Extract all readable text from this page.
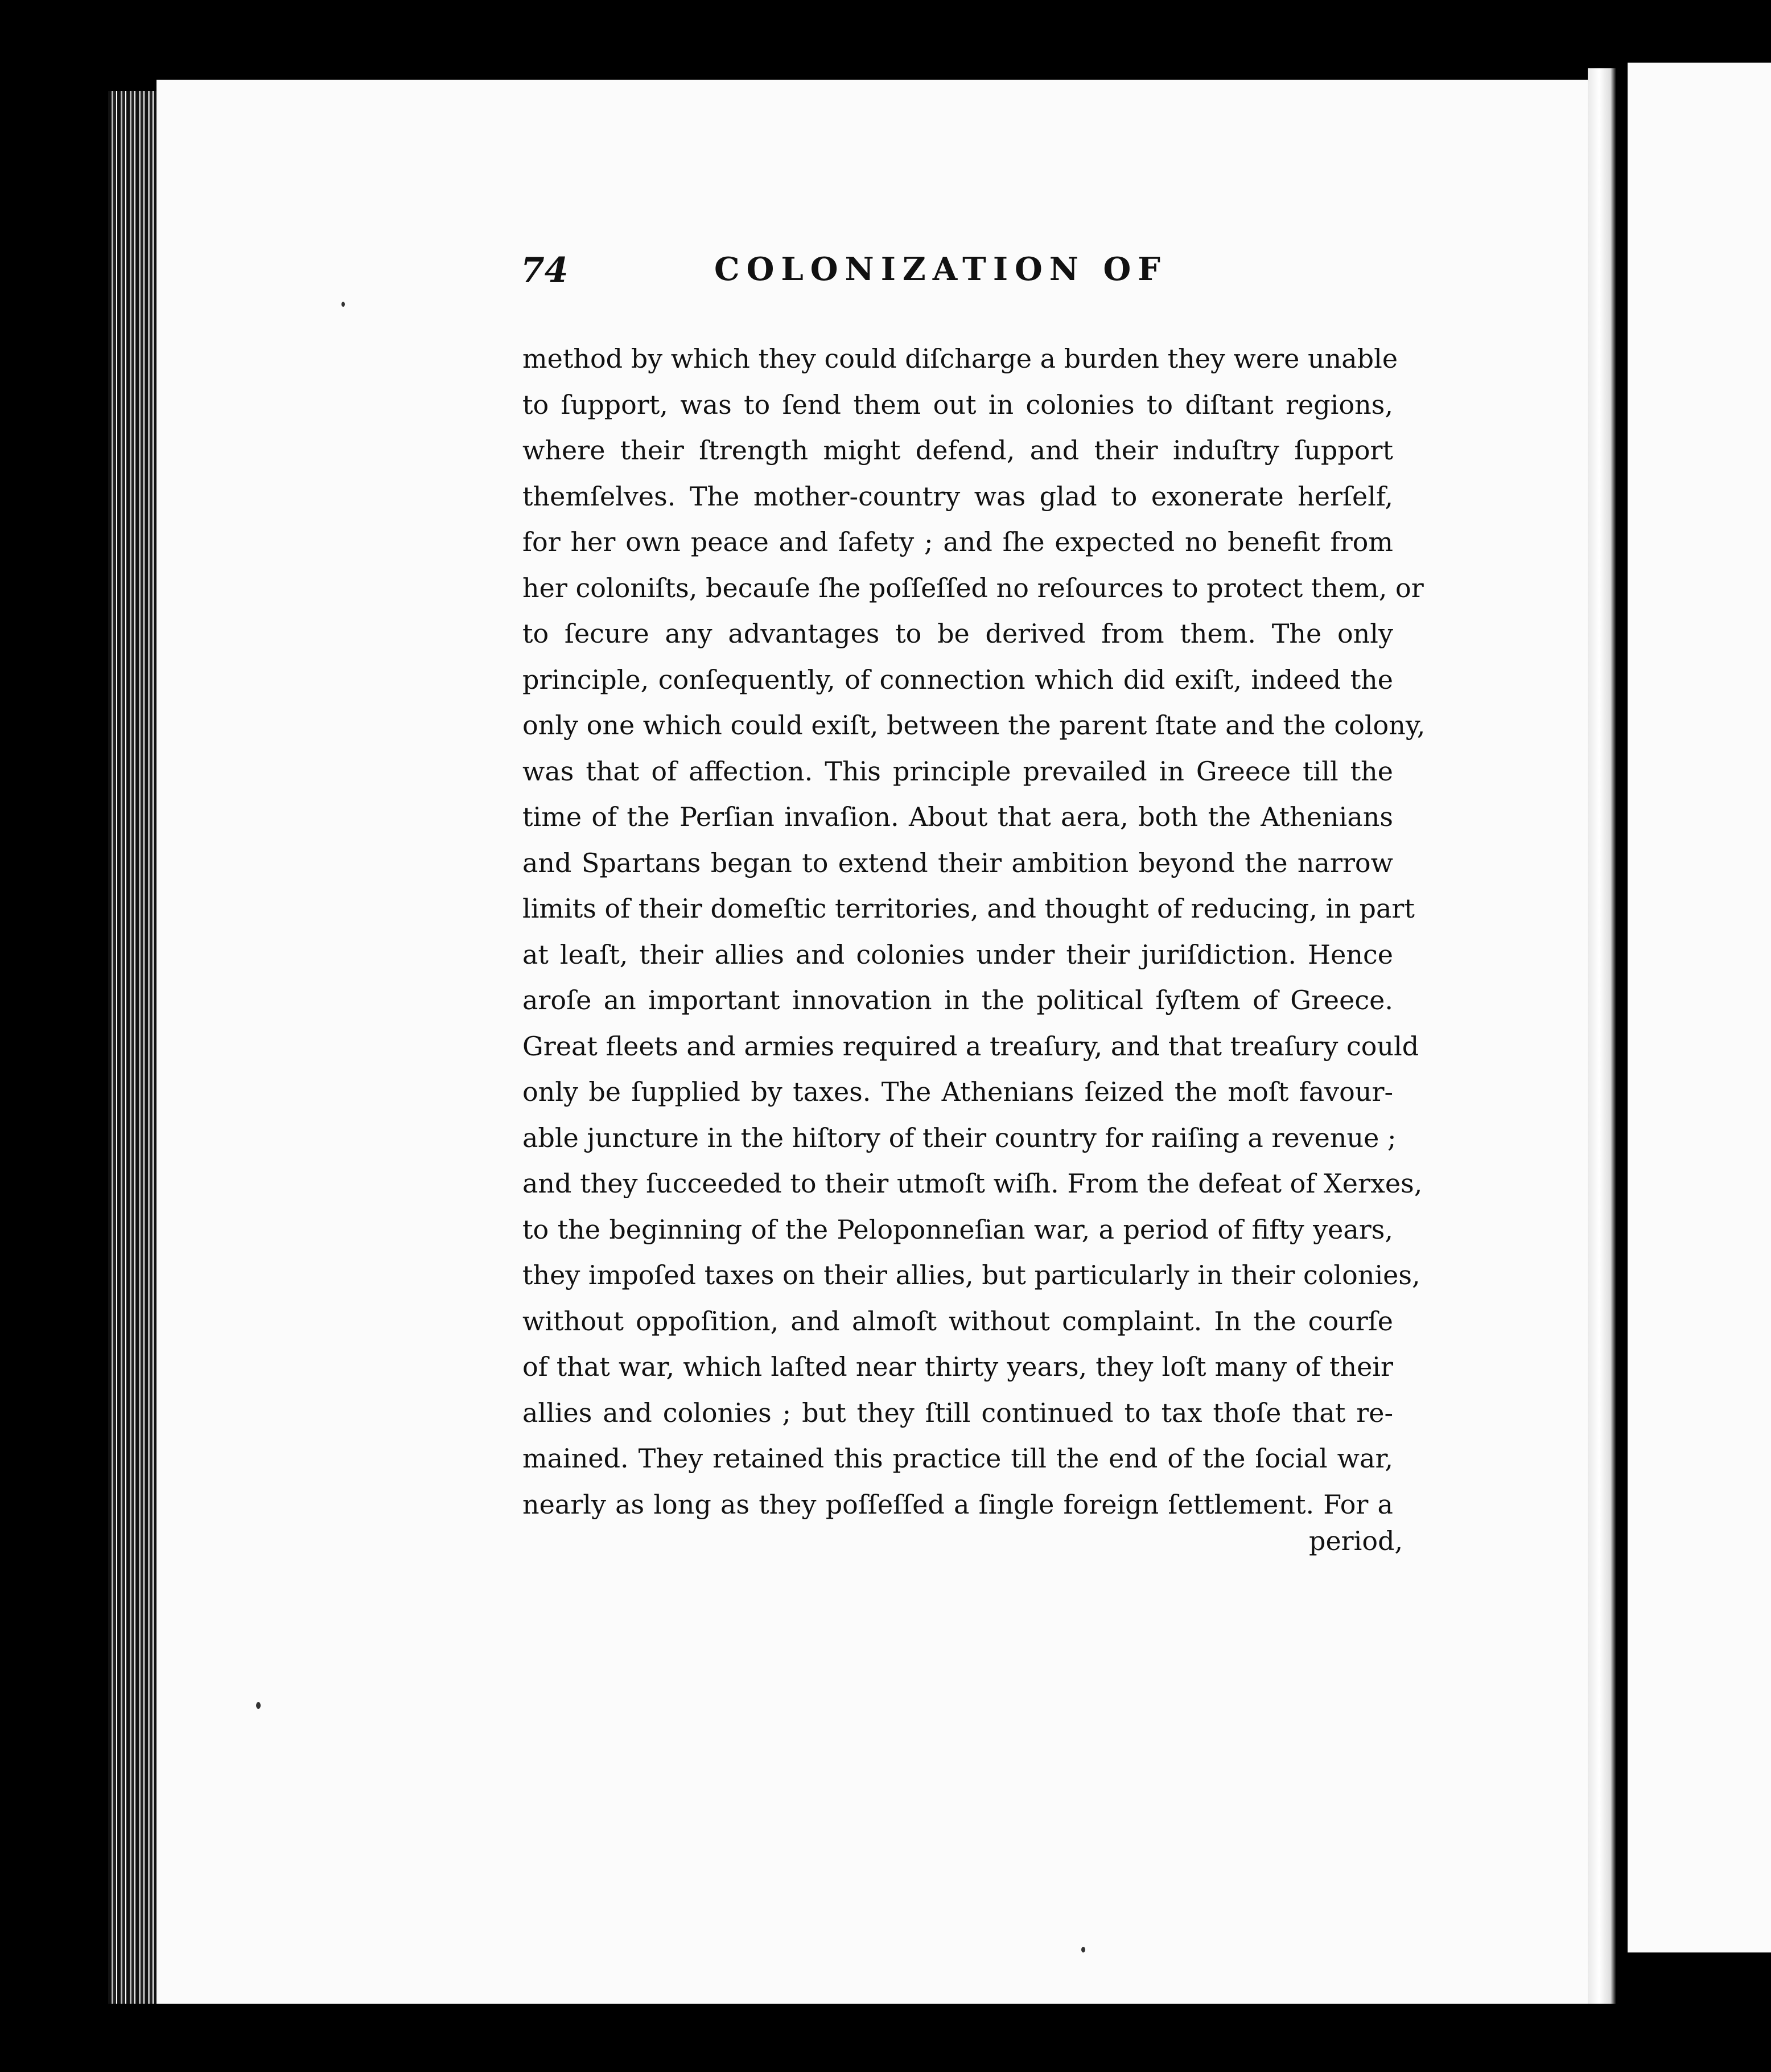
74	COLONIZATION OF
method by which they could diſcharge a burden they were unable
to ſupport, was to ſend them out in colonies to diſtant regions,
where their ſtrength might defend, and their induſtry ſupport
themſelves. The mother-country was glad to exonerate herſelf,
for her own peace and ſafety ; and ſhe expected no benefit from
her coloniſts, becauſe ſhe poſſeſſed no reſources to protect them, or
to ſecure any advantages to be derived from them. The only
principle, conſequently, of connection which did exiſt, indeed the
only one which could exiſt, between the parent ſtate and the colony,
was that of affection. This principle prevailed in Greece till the
time of the Perſian invaſion. About that aera, both the Athenians
and Spartans began to extend their ambition beyond the narrow
limits of their domeſtic territories, and thought of reducing, in part
at leaſt, their allies and colonies under their juriſdiction. Hence
aroſe an important innovation in the political ſyſtem of Greece.
Great fleets and armies required a treaſury, and that treaſury could
only be ſupplied by taxes. The Athenians ſeized the moſt favour-
able juncture in the hiſtory of their country for raiſing a revenue ;
and they ſucceeded to their utmoſt wiſh. From the defeat of Xerxes,
to the beginning of the Peloponneſian war, a period of fifty years,
they impoſed taxes on their allies, but particularly in their colonies,
without oppoſition, and almoſt without complaint. In the courſe
of that war, which laſted near thirty years, they loſt many of their
allies and colonies ; but they ſtill continued to tax thoſe that re-
mained. They retained this practice till the end of the ſocial war,
nearly as long as they poſſeſſed a ſingle foreign ſettlement. For a
period,
